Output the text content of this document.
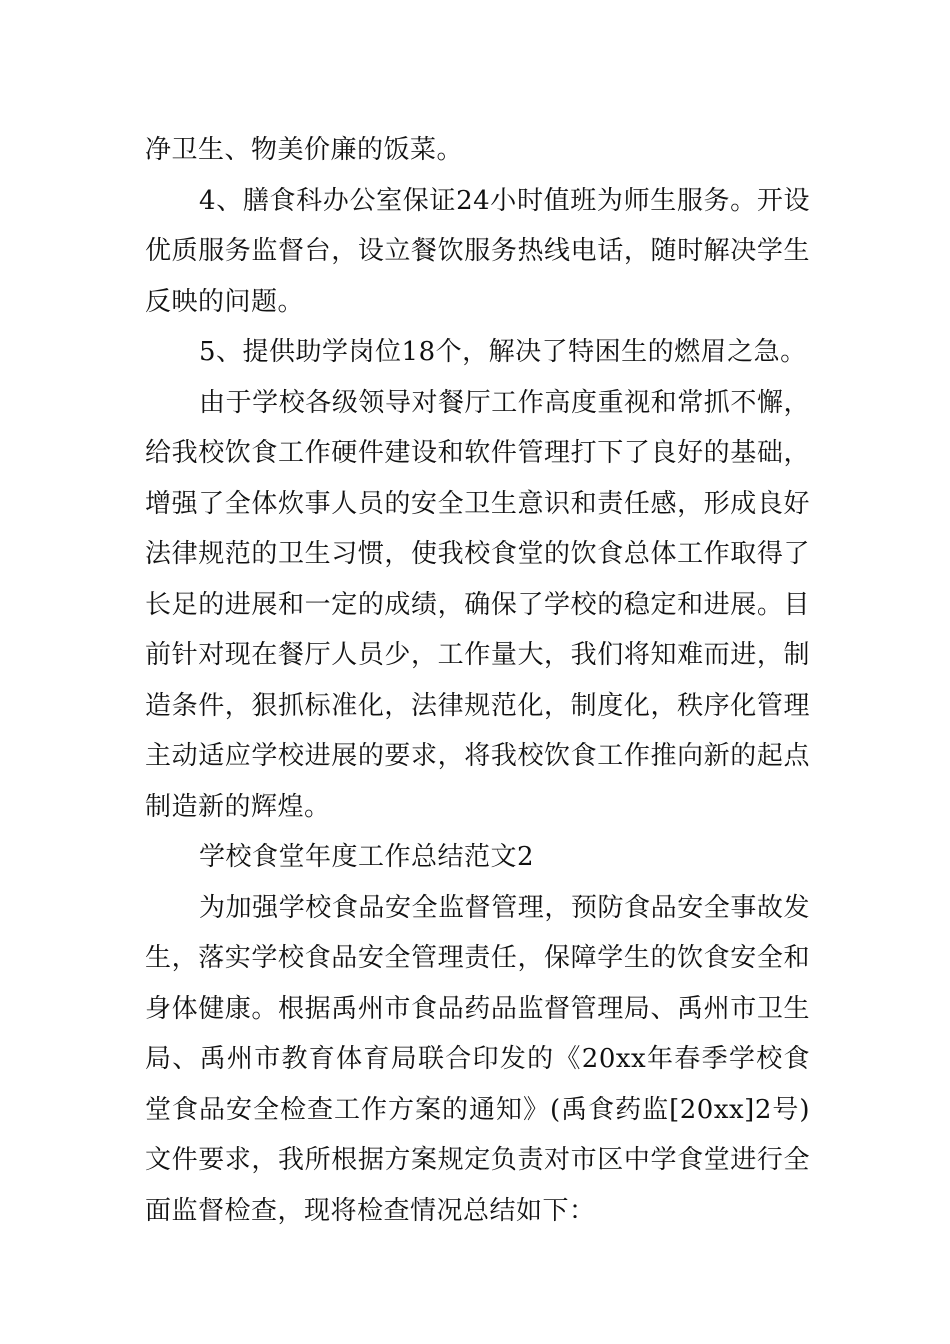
净卫生、物美价廉的饭菜。

4、膳食科办公室保证24小时值班为师生服务。开设优质服务监督台，设立餐饮服务热线电话，随时解决学生反映的问题。

5、提供助学岗位18个，解决了特困生的燃眉之急。

由于学校各级领导对餐厅工作高度重视和常抓不懈，给我校饮食工作硬件建设和软件管理打下了良好的基础，增强了全体炊事人员的安全卫生意识和责任感，形成良好法律规范的卫生习惯，使我校食堂的饮食总体工作取得了长足的进展和一定的成绩，确保了学校的稳定和进展。目前针对现在餐厅人员少，工作量大，我们将知难而进，制造条件，狠抓标准化，法律规范化，制度化，秩序化管理主动适应学校进展的要求，将我校饮食工作推向新的起点制造新的辉煌。

学校食堂年度工作总结范文2

为加强学校食品安全监督管理，预防食品安全事故发生，落实学校食品安全管理责任，保障学生的饮食安全和身体健康。根据禹州市食品药品监督管理局、禹州市卫生局、禹州市教育体育局联合印发的《20xx年春季学校食堂食品安全检查工作方案的通知》(禹食药监[20xx]2号)文件要求，我所根据方案规定负责对市区中学食堂进行全面监督检查，现将检查情况总结如下：
